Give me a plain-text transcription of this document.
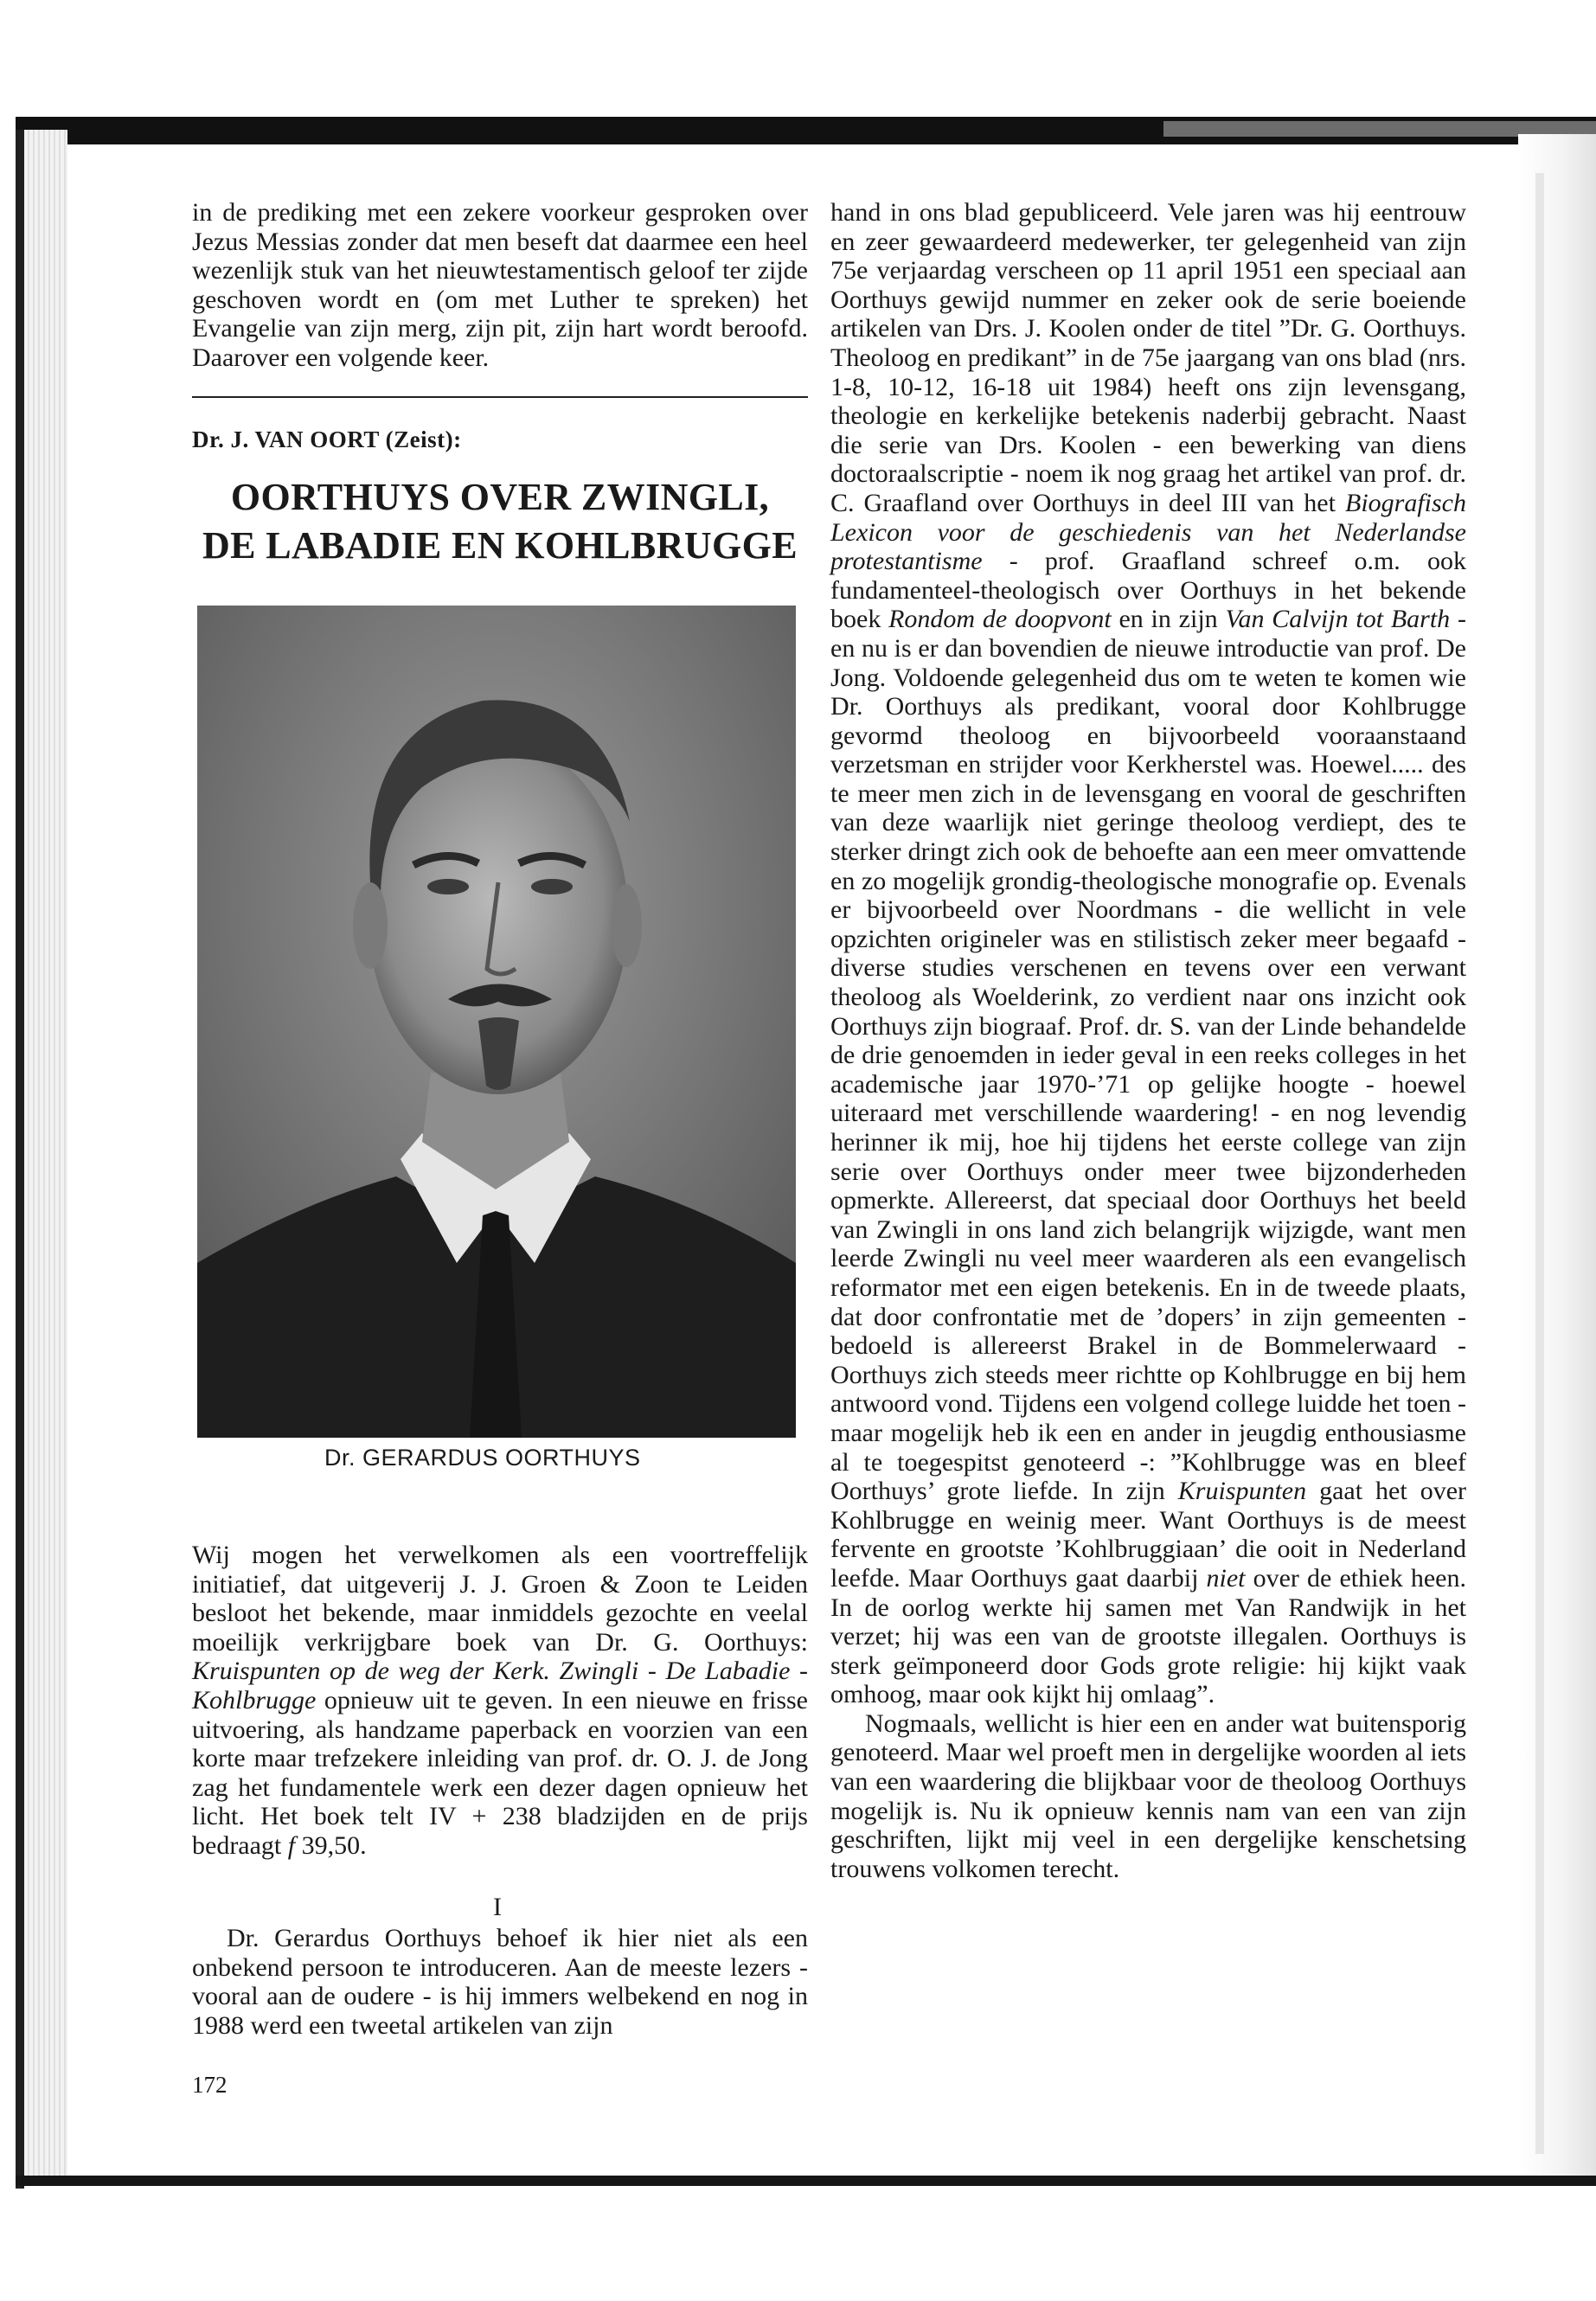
in de prediking met een zekere voorkeur gesproken over Jezus Messias zonder dat men beseft dat daarmee een heel wezenlijk stuk van het nieuwtestamentisch geloof ter zijde geschoven wordt en (om met Luther te spreken) het Evangelie van zijn merg, zijn pit, zijn hart wordt beroofd. Daarover een volgende keer.
Dr. J. VAN OORT (Zeist):
OORTHUYS OVER ZWINGLI,
DE LABADIE EN KOHLBRUGGE
Dr. GERARDUS OORTHUYS
Wij mogen het verwelkomen als een voortreffelijk initiatief, dat uitgeverij J. J. Groen & Zoon te Leiden besloot het bekende, maar inmiddels gezochte en veelal moeilijk verkrijgbare boek van Dr. G. Oorthuys: Kruispunten op de weg der Kerk. Zwingli - De Labadie - Kohlbrugge opnieuw uit te geven. In een nieuwe en frisse uitvoering, als handzame paperback en voorzien van een korte maar trefzekere inleiding van prof. dr. O. J. de Jong zag het fundamentele werk een dezer dagen opnieuw het licht. Het boek telt IV + 238 bladzijden en de prijs bedraagt f 39,50.
I
Dr. Gerardus Oorthuys behoef ik hier niet als een onbekend persoon te introduceren. Aan de meeste lezers - vooral aan de oudere - is hij immers welbekend en nog in 1988 werd een tweetal artikelen van zijn
172

hand in ons blad gepubliceerd. Vele jaren was hij eentrouw en zeer gewaardeerd medewerker, ter gelegenheid van zijn 75e verjaardag verscheen op 11 april 1951 een speciaal aan Oorthuys gewijd nummer en zeker ook de serie boeiende artikelen van Drs. J. Koolen onder de titel ”Dr. G. Oorthuys. Theoloog en predikant” in de 75e jaargang van ons blad (nrs. 1-8, 10-12, 16-18 uit 1984) heeft ons zijn levensgang, theologie en kerkelijke betekenis naderbij gebracht. Naast die serie van Drs. Koolen - een bewerking van diens doctoraalscriptie - noem ik nog graag het artikel van prof. dr. C. Graafland over Oorthuys in deel III van het Biografisch Lexicon voor de geschiedenis van het Nederlandse protestantisme - prof. Graafland schreef o.m. ook fundamenteel-theologisch over Oorthuys in het bekende boek Rondom de doopvont en in zijn Van Calvijn tot Barth - en nu is er dan bovendien de nieuwe introductie van prof. De Jong. Voldoende gelegenheid dus om te weten te komen wie Dr. Oorthuys als predikant, vooral door Kohlbrugge gevormd theoloog en bijvoorbeeld vooraanstaand verzetsman en strijder voor Kerkherstel was. Hoewel..... des te meer men zich in de levensgang en vooral de geschriften van deze waarlijk niet geringe theoloog verdiept, des te sterker dringt zich ook de behoefte aan een meer omvattende en zo mogelijk grondig-theologische monografie op. Evenals er bijvoorbeeld over Noordmans - die wellicht in vele opzichten origineler was en stilistisch zeker meer begaafd - diverse studies verschenen en tevens over een verwant theoloog als Woelderink, zo verdient naar ons inzicht ook Oorthuys zijn biograaf. Prof. dr. S. van der Linde behandelde de drie genoemden in ieder geval in een reeks colleges in het academische jaar 1970-’71 op gelijke hoogte - hoewel uiteraard met verschillende waardering! - en nog levendig herinner ik mij, hoe hij tijdens het eerste college van zijn serie over Oorthuys onder meer twee bijzonderheden opmerkte. Allereerst, dat speciaal door Oorthuys het beeld van Zwingli in ons land zich belangrijk wijzigde, want men leerde Zwingli nu veel meer waarderen als een evangelisch reformator met een eigen betekenis. En in de tweede plaats, dat door confrontatie met de ’dopers’ in zijn gemeenten - bedoeld is allereerst Brakel in de Bommelerwaard - Oorthuys zich steeds meer richtte op Kohlbrugge en bij hem antwoord vond. Tijdens een volgend college luidde het toen - maar mogelijk heb ik een en ander in jeugdig enthousiasme al te toegespitst genoteerd -: ”Kohlbrugge was en bleef Oorthuys’ grote liefde. In zijn Kruispunten gaat het over Kohlbrugge en weinig meer. Want Oorthuys is de meest fervente en grootste ’Kohlbruggiaan’ die ooit in Nederland leefde. Maar Oorthuys gaat daarbij niet over de ethiek heen. In de oorlog werkte hij samen met Van Randwijk in het verzet; hij was een van de grootste illegalen. Oorthuys is sterk geïmponeerd door Gods grote religie: hij kijkt vaak omhoog, maar ook kijkt hij omlaag”.

Nogmaals, wellicht is hier een en ander wat buitensporig genoteerd. Maar wel proeft men in dergelijke woorden al iets van een waardering die blijkbaar voor de theoloog Oorthuys mogelijk is. Nu ik opnieuw kennis nam van een van zijn geschriften, lijkt mij veel in een dergelijke kenschetsing trouwens volkomen terecht.
